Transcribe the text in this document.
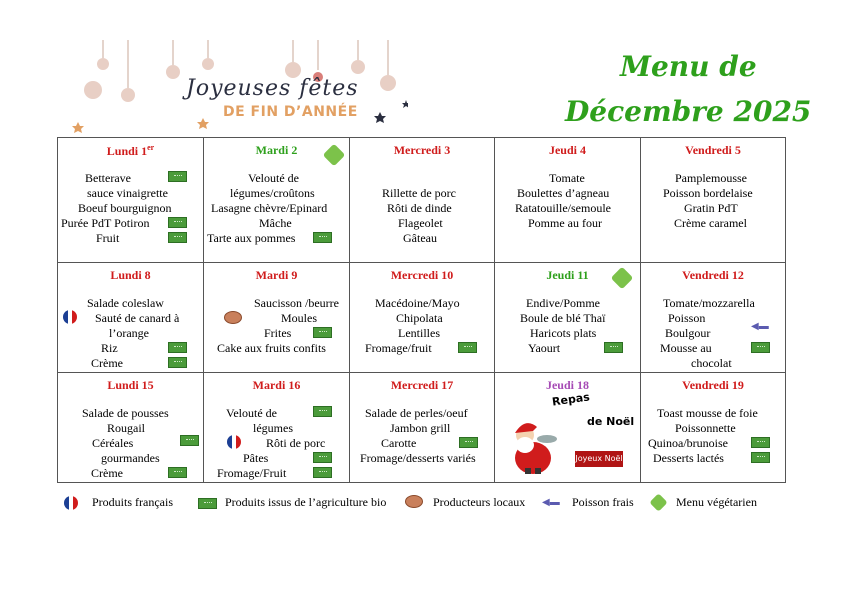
Joyeuses fêtes
DE FIN D’ANNÉE
Menu de
Décembre 2025
Lundi 1er
Betterave
sauce vinaigrette
Boeuf bourguignon
Purée PdT Potiron
Fruit
Mardi 2
Velouté de
légumes/croûtons
Lasagne chèvre/Epinard
Mâche
Tarte aux pommes
Mercredi 3
Rillette de porc
Rôti de dinde
Flageolet
Gâteau
Jeudi 4
Tomate
Boulettes d’agneau
Ratatouille/semoule
Pomme au four
Vendredi 5
Pamplemousse
Poisson bordelaise
Gratin PdT
Crème caramel
Lundi 8
Salade coleslaw
Sauté de canard à
l’orange
Riz
Crème
Mardi 9
Saucisson /beurre
Moules
Frites
Cake aux fruits confits
Mercredi 10
Macédoine/Mayo
Chipolata
Lentilles
Fromage/fruit
Jeudi 11
Endive/Pomme
Boule de blé Thaï
Haricots plats
Yaourt
Vendredi 12
Tomate/mozzarella
Poisson
Boulgour	◀▬
Mousse au
chocolat
Lundi 15
Salade de pousses
Rougail
Céréales
gourmandes
Crème
Mardi 16
Velouté de
légumes
Rôti de porc
Pâtes
Fromage/Fruit
Mercredi 17
Salade de perles/oeuf
Jambon grill
Carotte
Fromage/desserts variés
Jeudi 18
Repas
de Noël
Joyeux Noël
Vendredi 19
Toast mousse de foie
Poissonnette
Quinoa/brunoise
Desserts lactés
Produits français	Produits issus de l’agriculture bio	Producteurs locaux ◀▬ Poisson frais	Menu végétarien
